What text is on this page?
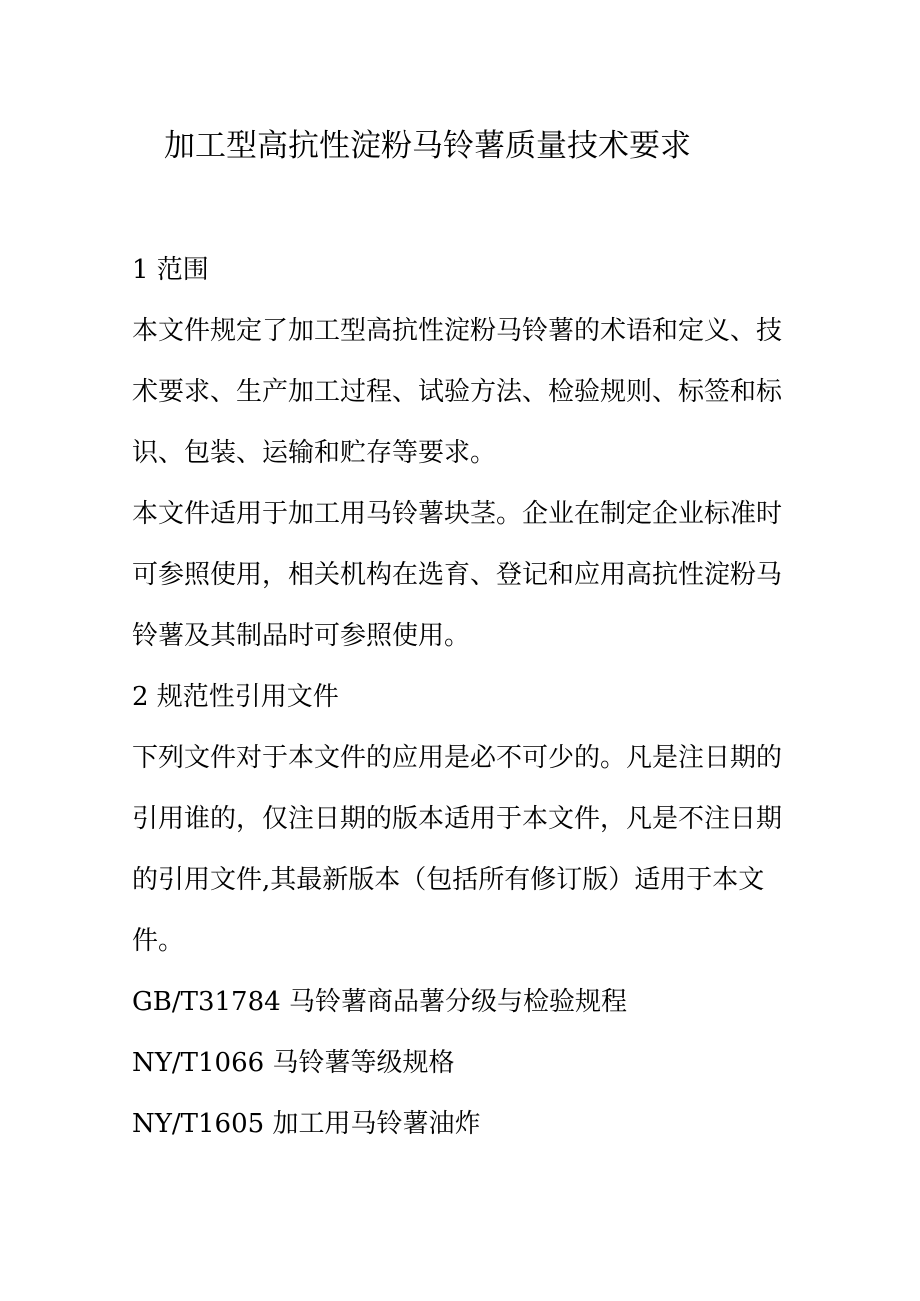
加工型高抗性淀粉马铃薯质量技术要求
1 范围
本文件规定了加工型高抗性淀粉马铃薯的术语和定义、技
术要求、生产加工过程、试验方法、检验规则、标签和标
识、包装、运输和贮存等要求。
本文件适用于加工用马铃薯块茎。企业在制定企业标准时
可参照使用，相关机构在选育、登记和应用高抗性淀粉马
铃薯及其制品时可参照使用。
2 规范性引用文件
下列文件对于本文件的应用是必不可少的。凡是注日期的
引用谁的，仅注日期的版本适用于本文件，凡是不注日期
的引用文件,其最新版本（包括所有修订版）适用于本文
件。
GB/T31784 马铃薯商品薯分级与检验规程
NY/T1066 马铃薯等级规格
NY/T1605 加工用马铃薯油炸
